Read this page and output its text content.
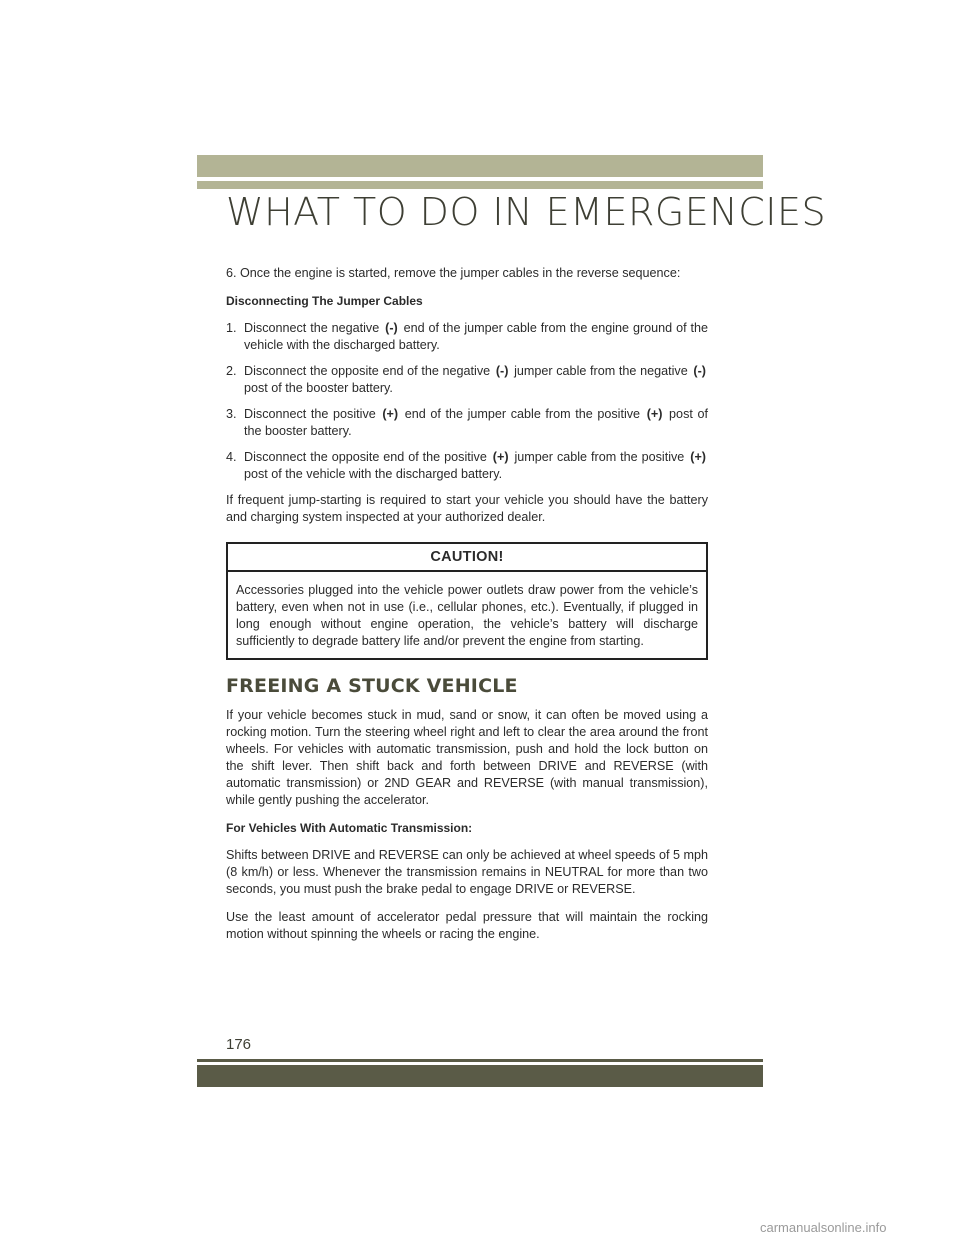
WHAT TO DO IN EMERGENCIES

6. Once the engine is started, remove the jumper cables in the reverse sequence:

Disconnecting The Jumper Cables

1. Disconnect the negative (-) end of the jumper cable from the engine ground of the vehicle with the discharged battery.
2. Disconnect the opposite end of the negative (-) jumper cable from the negative (-) post of the booster battery.
3. Disconnect the positive (+) end of the jumper cable from the positive (+) post of the booster battery.
4. Disconnect the opposite end of the positive (+) jumper cable from the positive (+) post of the vehicle with the discharged battery.

If frequent jump-starting is required to start your vehicle you should have the battery and charging system inspected at your authorized dealer.

CAUTION!
Accessories plugged into the vehicle power outlets draw power from the vehicle’s battery, even when not in use (i.e., cellular phones, etc.). Eventually, if plugged in long enough without engine operation, the vehicle’s battery will discharge sufficiently to degrade battery life and/or prevent the engine from starting.
FREEING A STUCK VEHICLE

If your vehicle becomes stuck in mud, sand or snow, it can often be moved using a rocking motion. Turn the steering wheel right and left to clear the area around the front wheels. For vehicles with automatic transmission, push and hold the lock button on the shift lever. Then shift back and forth between DRIVE and REVERSE (with automatic transmission) or 2ND GEAR and REVERSE (with manual transmission), while gently pushing the accelerator.

For Vehicles With Automatic Transmission:

Shifts between DRIVE and REVERSE can only be achieved at wheel speeds of 5 mph (8 km/h) or less. Whenever the transmission remains in NEUTRAL for more than two seconds, you must push the brake pedal to engage DRIVE or REVERSE.

Use the least amount of accelerator pedal pressure that will maintain the rocking motion without spinning the wheels or racing the engine.

176
carmanualsonline.info
